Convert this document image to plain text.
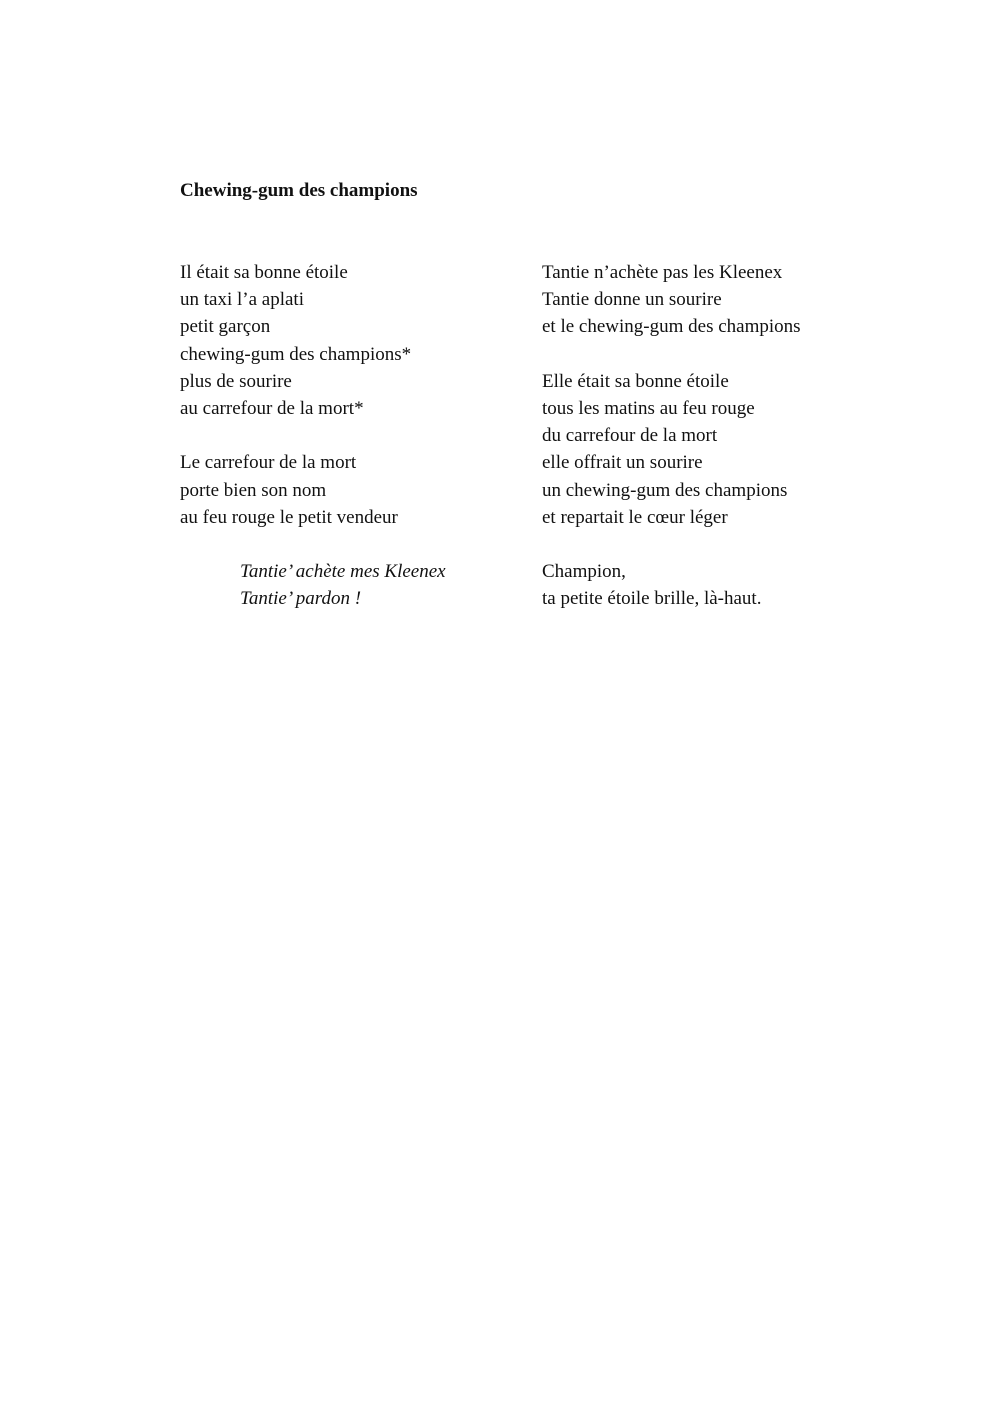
Chewing-gum des champions
Il était sa bonne étoile
un taxi l’a aplati
petit garçon
chewing-gum des champions*
plus de sourire
au carrefour de la mort*
Le carrefour de la mort
porte bien son nom
au feu rouge le petit vendeur
Tantie’ achète mes Kleenex
Tantie’ pardon !
Tantie n’achète pas les Kleenex
Tantie donne un sourire
et le chewing-gum des champions
Elle était sa bonne étoile
tous les matins au feu rouge
du carrefour de la mort
elle offrait un sourire
un chewing-gum des champions
et repartait le cœur léger
Champion,
ta petite étoile brille, là-haut.
